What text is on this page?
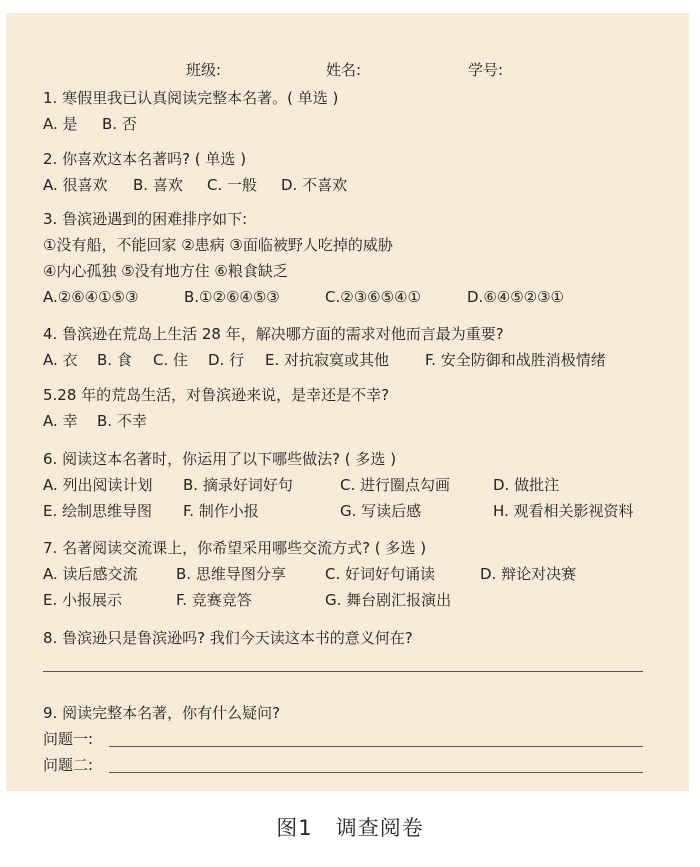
班级:	姓名:	学号:
1. 寒假里我已认真阅读完整本名著。( 单选 )
A. 是 B. 否
2. 你喜欢这本名著吗? ( 单选 )
A. 很喜欢 B. 喜欢 C. 一般 D. 不喜欢
3. 鲁滨逊遇到的困难排序如下:
①没有船，不能回家 ②患病 ③面临被野人吃掉的威胁
④内心孤独 ⑤没有地方住 ⑥粮食缺乏
A.②⑥④①⑤③	B.①②⑥④⑤③	C.②③⑥⑤④①	D.⑥④⑤②③①
4. 鲁滨逊在荒岛上生活 28 年，解决哪方面的需求对他而言最为重要?
A. 衣 B. 食 C. 住 D. 行 E. 对抗寂寞或其他 F. 安全防御和战胜消极情绪
5.28 年的荒岛生活，对鲁滨逊来说，是幸还是不幸?
A. 幸 B. 不幸
6. 阅读这本名著时，你运用了以下哪些做法? ( 多选 )
A. 列出阅读计划 B. 摘录好词好句	C. 进行圈点勾画	D. 做批注
E. 绘制思维导图 F. 制作小报	G. 写读后感	H. 观看相关影视资料
7. 名著阅读交流课上，你希望采用哪些交流方式? ( 多选 )
A. 读后感交流	B. 思维导图分享	C. 好词好句诵读	D. 辩论对决赛
E. 小报展示	F. 竞赛竞答	G. 舞台剧汇报演出
8. 鲁滨逊只是鲁滨逊吗? 我们今天读这本书的意义何在?
9. 阅读完整本名著，你有什么疑问?
问题一:
问题二:
图1 调查阅卷
